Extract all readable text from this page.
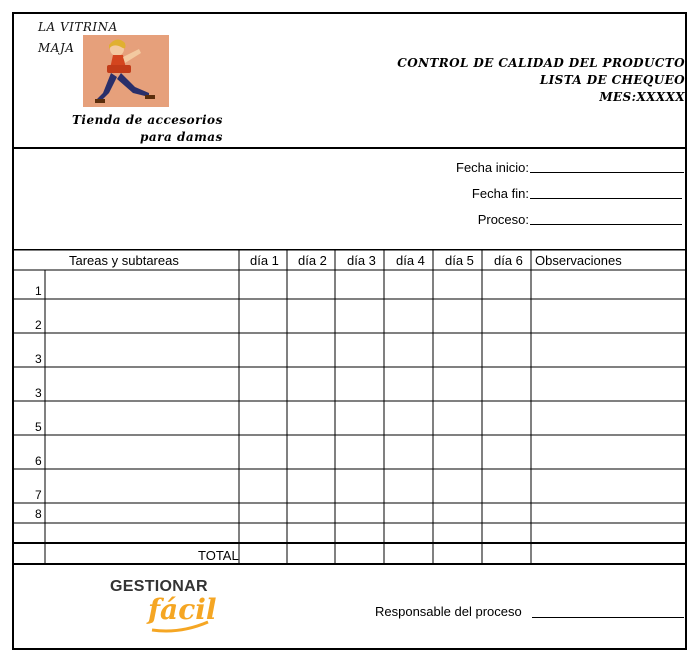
LA VITRINA
MAJA
Tienda de accesorios
para damas
CONTROL DE CALIDAD DEL PRODUCTO
LISTA DE CHEQUEO
MES:XXXXX
Fecha inicio:
Fecha fin:
Proceso:
Tareas y subtareas	día 1 día 2 día 3 día 4 día 5 día 6 Observaciones
1
2
3
3
5
6
7
8
TOTAL
GESTIONAR
fácil	Responsable del proceso
